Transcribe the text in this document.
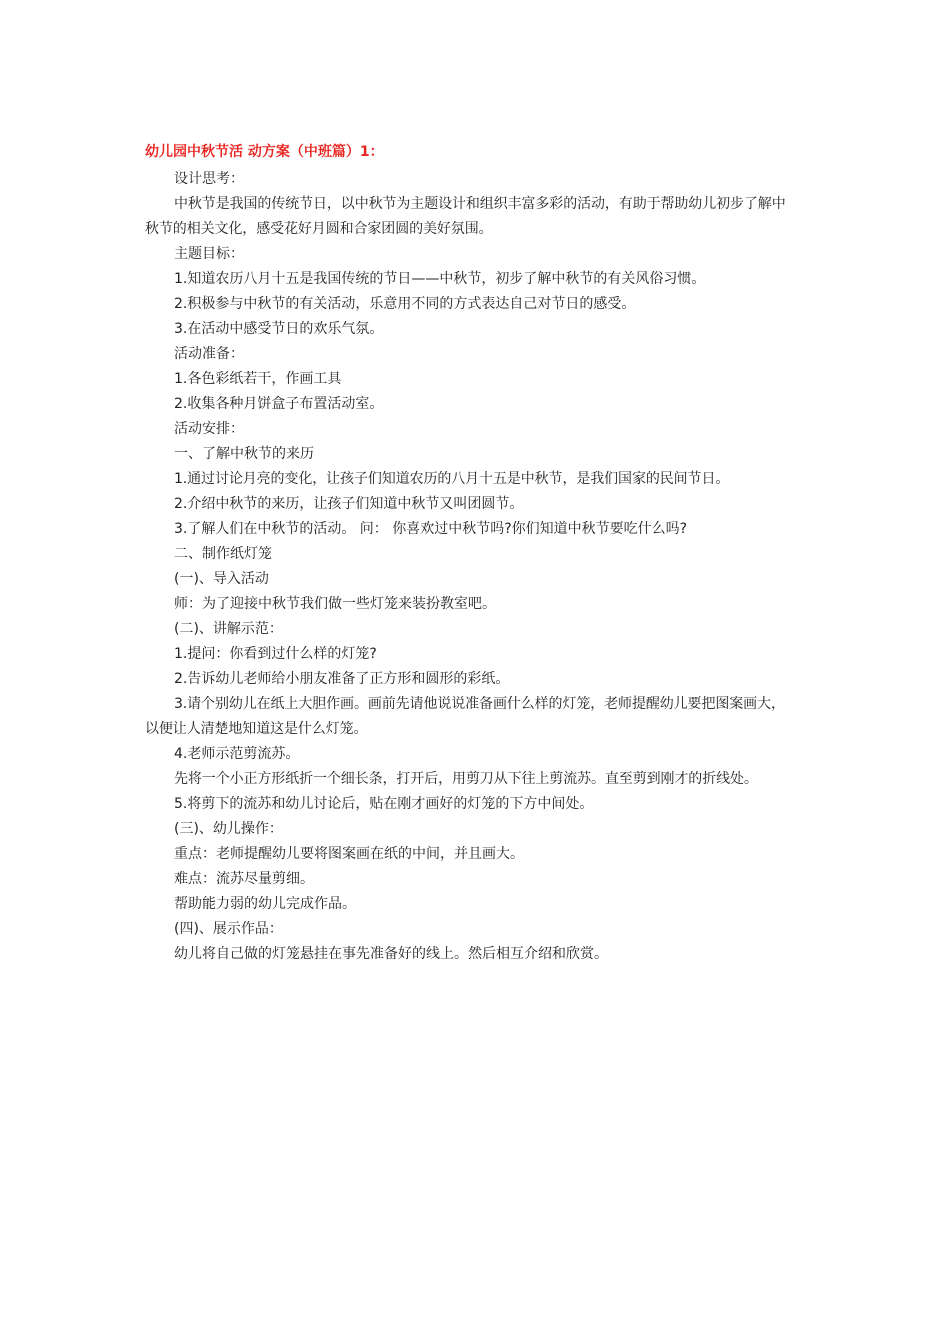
幼儿园中秋节活 动方案（中班篇）1：

设计思考：

中秋节是我国的传统节日，以中秋节为主题设计和组织丰富多彩的活动，有助于帮助幼儿初步了解中秋节的相关文化，感受花好月圆和合家团圆的美好氛围。

主题目标：

1.知道农历八月十五是我国传统的节日——中秋节，初步了解中秋节的有关风俗习惯。

2.积极参与中秋节的有关活动，乐意用不同的方式表达自己对节日的感受。

3.在活动中感受节日的欢乐气氛。

活动准备：

1.各色彩纸若干，作画工具

2.收集各种月饼盒子布置活动室。

活动安排：

一、了解中秋节的来历

1.通过讨论月亮的变化，让孩子们知道农历的八月十五是中秋节，是我们国家的民间节日。

2.介绍中秋节的来历，让孩子们知道中秋节又叫团圆节。

3.了解人们在中秋节的活动。 问： 你喜欢过中秋节吗?你们知道中秋节要吃什么吗?

二、制作纸灯笼

(一)、导入活动

师：为了迎接中秋节我们做一些灯笼来装扮教室吧。

(二)、讲解示范：

1.提问：你看到过什么样的灯笼?

2.告诉幼儿老师给小朋友准备了正方形和圆形的彩纸。

3.请个别幼儿在纸上大胆作画。画前先请他说说准备画什么样的灯笼，老师提醒幼儿要把图案画大，以便让人清楚地知道这是什么灯笼。

4.老师示范剪流苏。

先将一个小正方形纸折一个细长条，打开后，用剪刀从下往上剪流苏。直至剪到刚才的折线处。

5.将剪下的流苏和幼儿讨论后，贴在刚才画好的灯笼的下方中间处。

(三)、幼儿操作：

重点：老师提醒幼儿要将图案画在纸的中间，并且画大。

难点：流苏尽量剪细。

帮助能力弱的幼儿完成作品。

(四)、展示作品：

幼儿将自己做的灯笼悬挂在事先准备好的线上。然后相互介绍和欣赏。
